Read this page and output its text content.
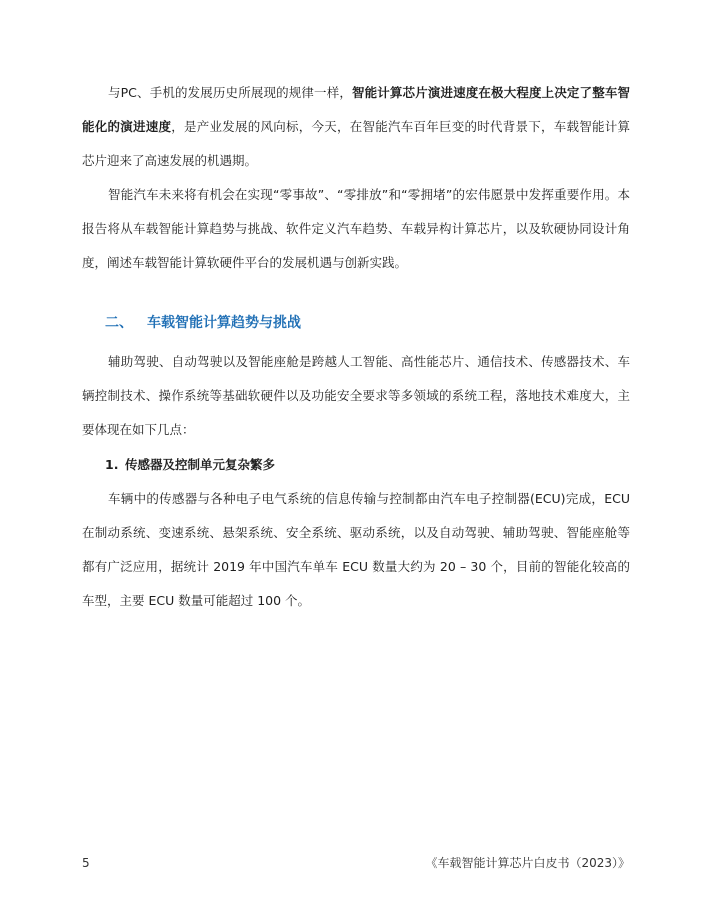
与PC、手机的发展历史所展现的规律一样，智能计算芯片演进速度在极大程度上决定了整车智能化的演进速度，是产业发展的风向标，今天，在智能汽车百年巨变的时代背景下，车载智能计算芯片迎来了高速发展的机遇期。

智能汽车未来将有机会在实现“零事故”、“零排放”和“零拥堵”的宏伟愿景中发挥重要作用。本报告将从车载智能计算趋势与挑战、软件定义汽车趋势、车载异构计算芯片，以及软硬协同设计角度，阐述车载智能计算软硬件平台的发展机遇与创新实践。

二、 车载智能计算趋势与挑战

辅助驾驶、自动驾驶以及智能座舱是跨越人工智能、高性能芯片、通信技术、传感器技术、车辆控制技术、操作系统等基础软硬件以及功能安全要求等多领域的系统工程，落地技术难度大，主要体现在如下几点：

1. 传感器及控制单元复杂繁多

车辆中的传感器与各种电子电气系统的信息传输与控制都由汽车电子控制器(ECU)完成，ECU 在制动系统、变速系统、悬架系统、安全系统、驱动系统，以及自动驾驶、辅助驾驶、智能座舱等都有广泛应用，据统计 2019 年中国汽车单车 ECU 数量大约为 20 – 30 个，目前的智能化较高的车型，主要 ECU 数量可能超过 100 个。

5	《车载智能计算芯片白皮书（2023）》
